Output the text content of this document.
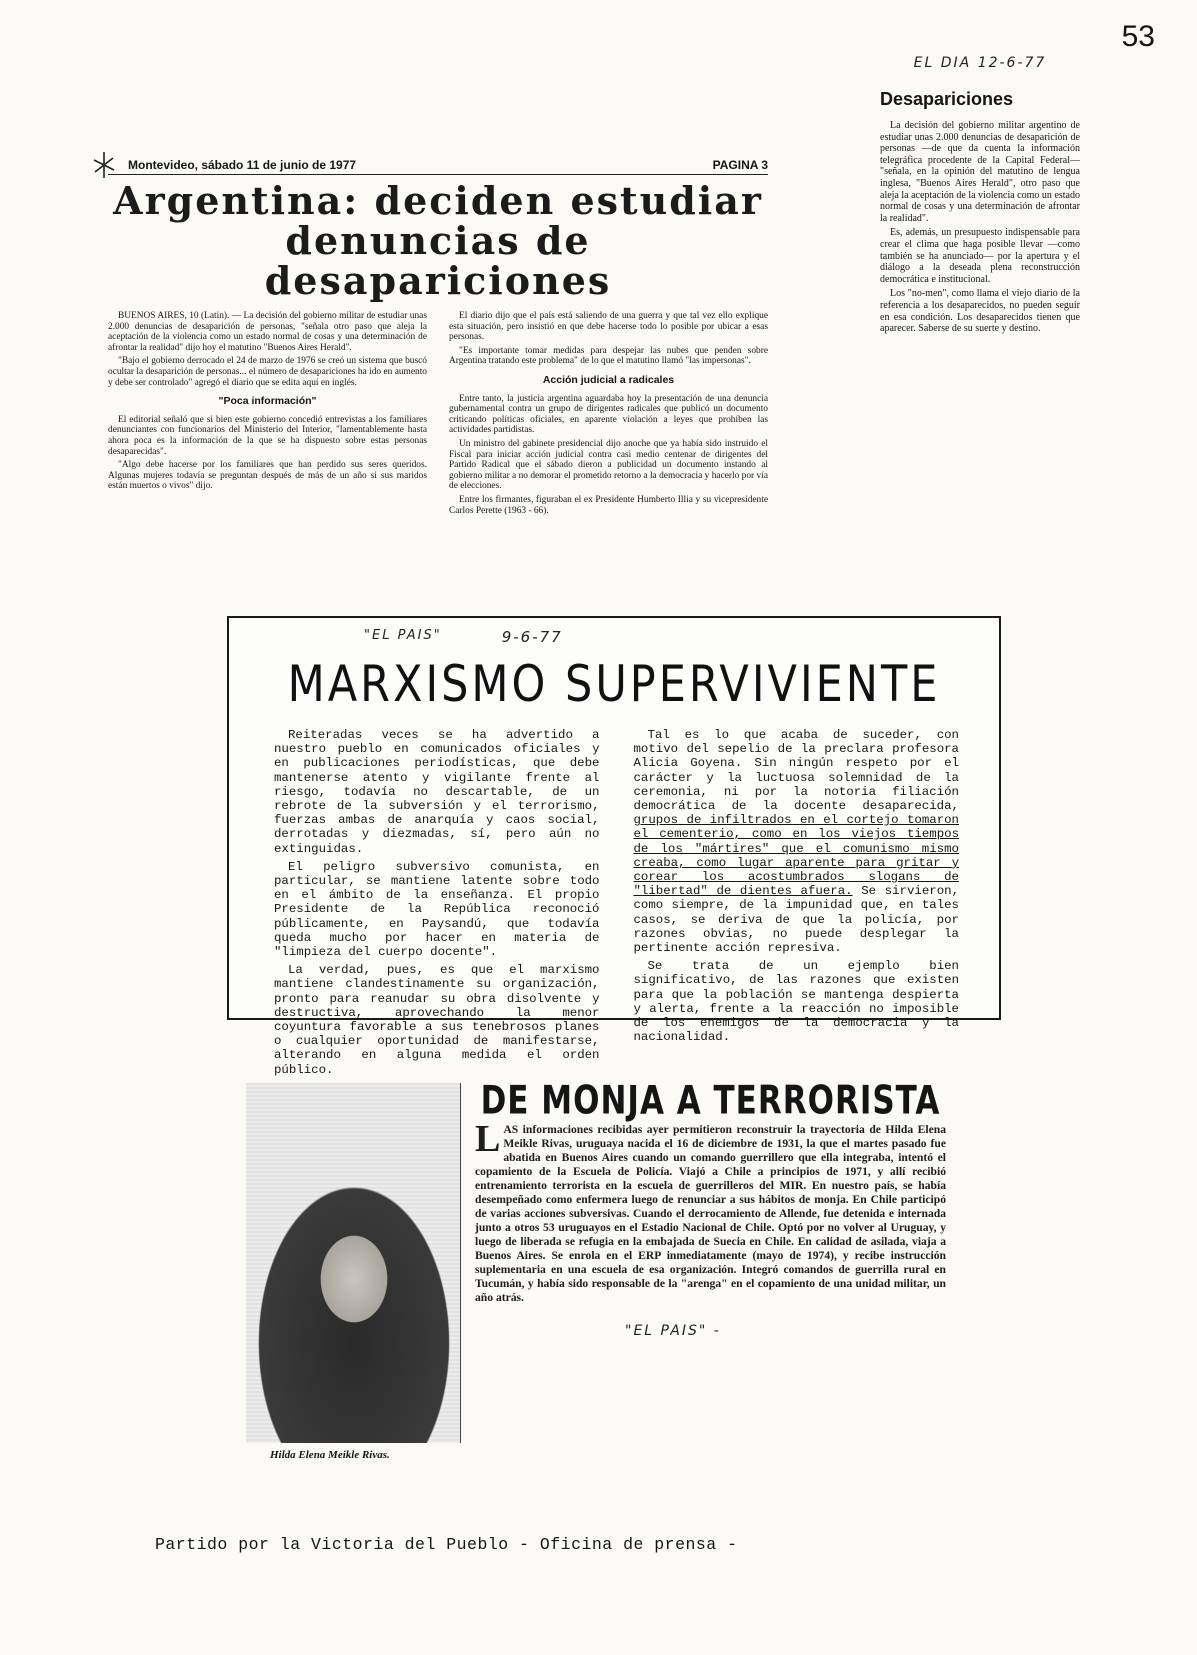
53
Montevideo, sábado 11 de junio de 1977	PAGINA 3
Argentina: deciden estudiar denuncias de desapariciones

BUENOS AIRES, 10 (Latin). — La decisión del gobierno militar de estudiar unas 2.000 denuncias de desaparición de personas, "señala otro paso que aleja la aceptación de la violencia como un estado normal de cosas y una determinación de afrontar la realidad" dijo hoy el matutino "Buenos Aires Herald".

"Bajo el gobierno derrocado el 24 de marzo de 1976 se creó un sistema que buscó ocultar la desaparición de personas... el número de desapariciones ha ido en aumento y debe ser controlado" agregó el diario que se edita aquí en inglés.

"Poca información"

El editorial señaló que si bien este gobierno concedió entrevistas a los familiares denunciantes con funcionarios del Ministerio del Interior, "lamentablemente hasta ahora poca es la información de la que se ha dispuesto sobre estas personas desaparecidas".

"Algo debe hacerse por los familiares que han perdido sus seres queridos. Algunas mujeres todavía se preguntan después de más de un año si sus maridos están muertos o vivos" dijo.

El diario dijo que el país está saliendo de una guerra y que tal vez ello explique esta situación, pero insistió en que debe hacerse todo lo posible por ubicar a esas personas.

"Es importante tomar medidas para despejar las nubes que penden sobre Argentina tratando este problema" de lo que el matutino llamó "las impersonas".

Acción judicial a radicales

Entre tanto, la justicia argentina aguardaba hoy la presentación de una denuncia gubernamental contra un grupo de dirigentes radicales que publicó un documento criticando políticas oficiales, en aparente violación a leyes que prohíben las actividades partidistas.

Un ministro del gabinete presidencial dijo anoche que ya había sido instruido el Fiscal para iniciar acción judicial contra casi medio centenar de dirigentes del Partido Radical que el sábado dieron a publicidad un documento instando al gobierno militar a no demorar el prometido retorno a la democracia y hacerlo por vía de elecciones.

Entre los firmantes, figuraban el ex Presidente Humberto Illia y su vicepresidente Carlos Perette (1963 - 66).

EL DIA 12-6-77
Desapariciones

La decisión del gobierno militar argentino de estudiar unas 2.000 denuncias de desaparición de personas —de que da cuenta la información telegráfica procedente de la Capital Federal— "señala, en la opinión del matutino de lengua inglesa, "Buenos Aires Herald", otro paso que aleja la aceptación de la violencia como un estado normal de cosas y una determinación de afrontar la realidad".

Es, además, un presupuesto indispensable para crear el clima que haga posible llevar —como también se ha anunciado— por la apertura y el diálogo a la deseada plena reconstrucción democrática e institucional.

Los "no-men", como llama el viejo diario de la referencia a los desaparecidos, no pueden seguir en esa condición. Los desaparecidos tienen que aparecer. Saberse de su suerte y destino.

"EL PAIS"	9-6-77
MARXISMO SUPERVIVIENTE

Reiteradas veces se ha advertido a nuestro pueblo en comunicados oficiales y en publicaciones periodísticas, que debe mantenerse atento y vigilante frente al riesgo, todavía no descartable, de un rebrote de la subversión y el terrorismo, fuerzas ambas de anarquía y caos social, derrotadas y diezmadas, sí, pero aún no extinguidas.

El peligro subversivo comunista, en particular, se mantiene latente sobre todo en el ámbito de la enseñanza. El propio Presidente de la República reconoció públicamente, en Paysandú, que todavía queda mucho por hacer en materia de "limpieza del cuerpo docente".

La verdad, pues, es que el marxismo mantiene clandestinamente su organización, pronto para reanudar su obra disolvente y destructiva, aprovechando la menor coyuntura favorable a sus tenebrosos planes o cualquier oportunidad de manifestarse, alterando en alguna medida el orden público.

Tal es lo que acaba de suceder, con motivo del sepelio de la preclara profesora Alicia Goyena. Sin ningún respeto por el carácter y la luctuosa solemnidad de la ceremonia, ni por la notoria filiación democrática de la docente desaparecida, grupos de infiltrados en el cortejo tomaron el cementerio, como en los viejos tiempos de los "mártires" que el comunismo mismo creaba, como lugar aparente para gritar y corear los acostumbrados slogans de "libertad" de dientes afuera. Se sirvieron, como siempre, de la impunidad que, en tales casos, se deriva de que la policía, por razones obvias, no puede desplegar la pertinente acción represiva.

Se trata de un ejemplo bien significativo, de las razones que existen para que la población se mantenga despierta y alerta, frente a la reacción no imposible de los enemigos de la democracia y la nacionalidad.

Hilda Elena Meikle Rivas.
DE MONJA A TERRORISTA
L AS informaciones recibidas ayer permitieron reconstruir la trayectoria de Hilda Elena Meikle Rivas, uruguaya nacida el 16 de diciembre de 1931, la que el martes pasado fue abatida en Buenos Aires cuando un comando guerrillero que ella integraba, intentó el copamiento de la Escuela de Policía. Viajó a Chile a principios de 1971, y allí recibió entrenamiento terrorista en la escuela de guerrilleros del MIR. En nuestro país, se había desempeñado como enfermera luego de renunciar a sus hábitos de monja. En Chile participó de varias acciones subversivas. Cuando el derrocamiento de Allende, fue detenida e internada junto a otros 53 uruguayos en el Estadio Nacional de Chile. Optó por no volver al Uruguay, y luego de liberada se refugia en la embajada de Suecia en Chile. En calidad de asilada, viaja a Buenos Aires. Se enrola en el ERP inmediatamente (mayo de 1974), y recibe instrucción suplementaria en una escuela de esa organización. Integró comandos de guerrilla rural en Tucumán, y había sido responsable de la "arenga" en el copamiento de una unidad militar, un año atrás.
"EL PAIS" -
Partido por la Victoria del Pueblo - Oficina de prensa -
